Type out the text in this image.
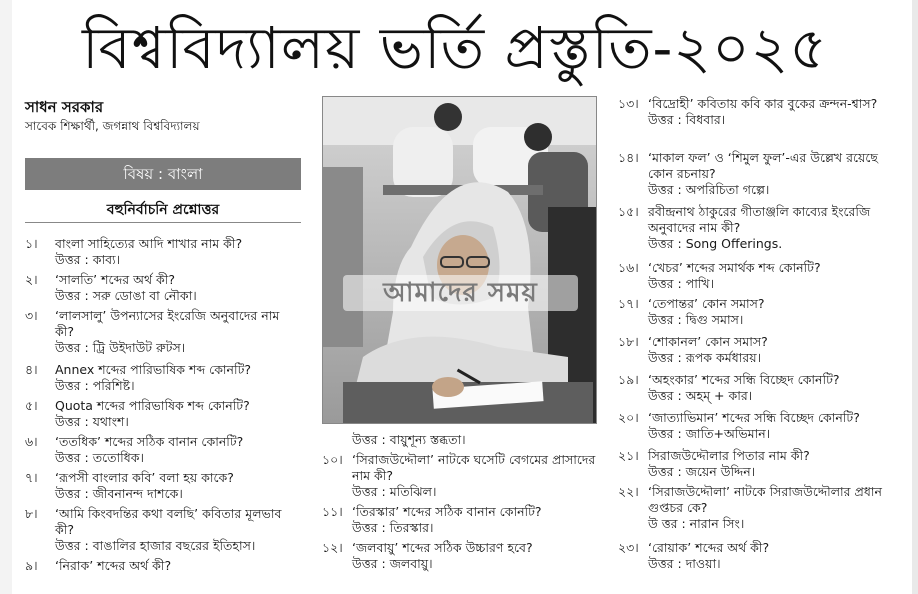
বিশ্ববিদ্যালয় ভর্তি প্রস্তুতি-২০২৫
সাধন সরকার
সাবেক শিক্ষার্থী, জগন্নাথ বিশ্ববিদ্যালয়
বিষয় : বাংলা
বহুনির্বাচনি প্রশ্নোত্তর
১।	বাংলা সাহিত্যের আদি শাখার নাম কী?
উত্তর : কাব্য।
২।	‘সালতি’ শব্দের অর্থ কী?
উত্তর : সরু ডোঙা বা নৌকা।
৩।	‘লালসালু’ উপন্যাসের ইংরেজি অনুবাদের নাম কী?
উত্তর : ট্রি উইদাউট রুটস।
৪।	Annex শব্দের পারিভাষিক শব্দ কোনটি?
উত্তর : পরিশিষ্ট।
৫।	Quota শব্দের পারিভাষিক শব্দ কোনটি?
উত্তর : যথাংশ।
৬।	‘ততধিক’ শব্দের সঠিক বানান কোনটি?
উত্তর : ততোধিক।
৭।	‘রূপসী বাংলার কবি’ বলা হয় কাকে?
উত্তর : জীবনানন্দ দাশকে।
৮।	‘আমি কিংবদন্তির কথা বলছি’ কবিতার মূলভাব কী?
উত্তর : বাঙালির হাজার বছরের ইতিহাস।
৯।	‘নিরাক’ শব্দের অর্থ কী?
আমাদের সময়
উত্তর : বায়ুশূন্য স্তব্ধতা।
১০। ‘সিরাজউদ্দৌলা’ নাটকে ঘসেটি বেগমের প্রাসাদের নাম কী?
উত্তর : মতিঝিল।
১১। ‘তিরস্কার’ শব্দের সঠিক বানান কোনটি?
উত্তর : তিরস্কার।
১২। ‘জলবায়ু’ শব্দের সঠিক উচ্চারণ হবে?
উত্তর : জলবায়ু।
১৩। ‘বিদ্রোহী’ কবিতায় কবি কার বুকের ক্রন্দন-শ্বাস?
উত্তর : বিধবার।
১৪। ‘মাকাল ফল’ ও ‘শিমুল ফুল’-এর উল্লেখ রয়েছে কোন রচনায়?
উত্তর : অপরিচিতা গল্পে।
১৫। রবীন্দ্রনাথ ঠাকুরের গীতাঞ্জলি কাব্যের ইংরেজি অনুবাদের নাম কী?
উত্তর : Song Offerings.
১৬। ‘খেচর’ শব্দের সমার্থক শব্দ কোনটি?
উত্তর : পাখি।
১৭। ‘তেপান্তর’ কোন সমাস?
উত্তর : দ্বিগু সমাস।
১৮। ‘শোকানল’ কোন সমাস?
উত্তর : রূপক কর্মধারয়।
১৯। ‘অহংকার’ শব্দের সন্ধি বিচ্ছেদ কোনটি?
উত্তর : অহম্ + কার।
২০। ‘জাত্যাভিমান’ শব্দের সন্ধি বিচ্ছেদ কোনটি?
উত্তর : জাতি+অভিমান।
২১। সিরাজউদ্দৌলার পিতার নাম কী?
উত্তর : জয়েন উদ্দিন।
২২। ‘সিরাজউদ্দৌলা’ নাটকে সিরাজউদ্দৌলার প্রধান গুপ্তচর কে?
উ ত্তর : নারান সিং।
২৩। ‘রোয়াক’ শব্দের অর্থ কী?
উত্তর : দাওয়া।
